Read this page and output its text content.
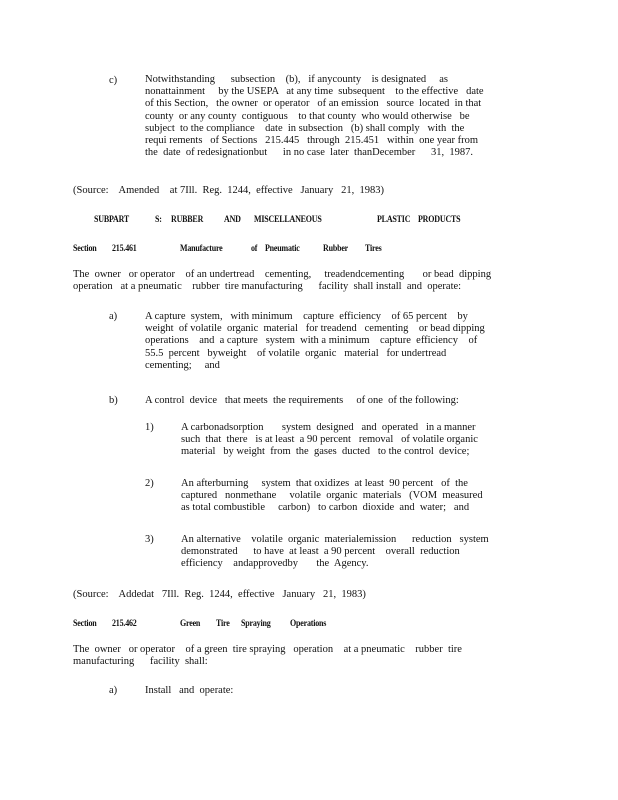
c)	Notwithstanding      subsection    (b),   if anycounty    is designated     as
nonattainment     by the USEPA   at any time  subsequent    to the effective   date
of this Section,   the owner  or operator   of an emission   source  located  in that
county  or any county  contiguous    to that county  who would otherwise   be
subject  to the compliance    date  in subsection   (b) shall comply   with  the
requi rements   of Sections   215.445   through  215.451   within  one year from
the  date  of redesignationbut      in no case  later  thanDecember      31,  1987.
(Source:    Amended    at 7Ill.  Reg.  1244,  effective   January   21,  1983)
SUBPART	S: RUBBER	AND MISCELLANEOUS	PLASTIC PRODUCTS
Section 215.461	Manufacture	of Pneumatic	Rubber Tires
The  owner   or operator    of an undertread    cementing,     treadendcementing       or bead  dipping
operation   at a pneumatic    rubber  tire manufacturing      facility  shall install  and  operate:
a)	A capture  system,   with minimum    capture  efficiency    of 65 percent    by
weight  of volatile  organic  material   for treadend   cementing    or bead dipping
operations    and  a capture   system  with a minimum    capture  efficiency    of
55.5  percent   byweight    of volatile  organic   material   for undertread
cementing;     and
b)	A control  device   that meets  the requirements     of one  of the following:
1)	A carbonadsorption       system  designed   and  operated   in a manner
such  that  there   is at least  a 90 percent   removal   of volatile organic
material   by weight  from  the  gases  ducted   to the control  device;
2)	An afterburning     system  that oxidizes  at least  90 percent   of  the
captured   nonmethane     volatile  organic  materials   (VOM  measured
as total combustible     carbon)   to carbon  dioxide  and  water;   and
3)	An alternative    volatile  organic  materialemission      reduction   system
demonstrated      to have  at least  a 90 percent    overall  reduction
efficiency    andapprovedby       the  Agency.
(Source:    Addedat   7Ill.  Reg.  1244,  effective   January   21,  1983)
Section 215.462	Green Tire Spraying Operations
The  owner   or operator    of a green  tire spraying   operation    at a pneumatic    rubber  tire
manufacturing      facility  shall:
a)	Install   and  operate:
